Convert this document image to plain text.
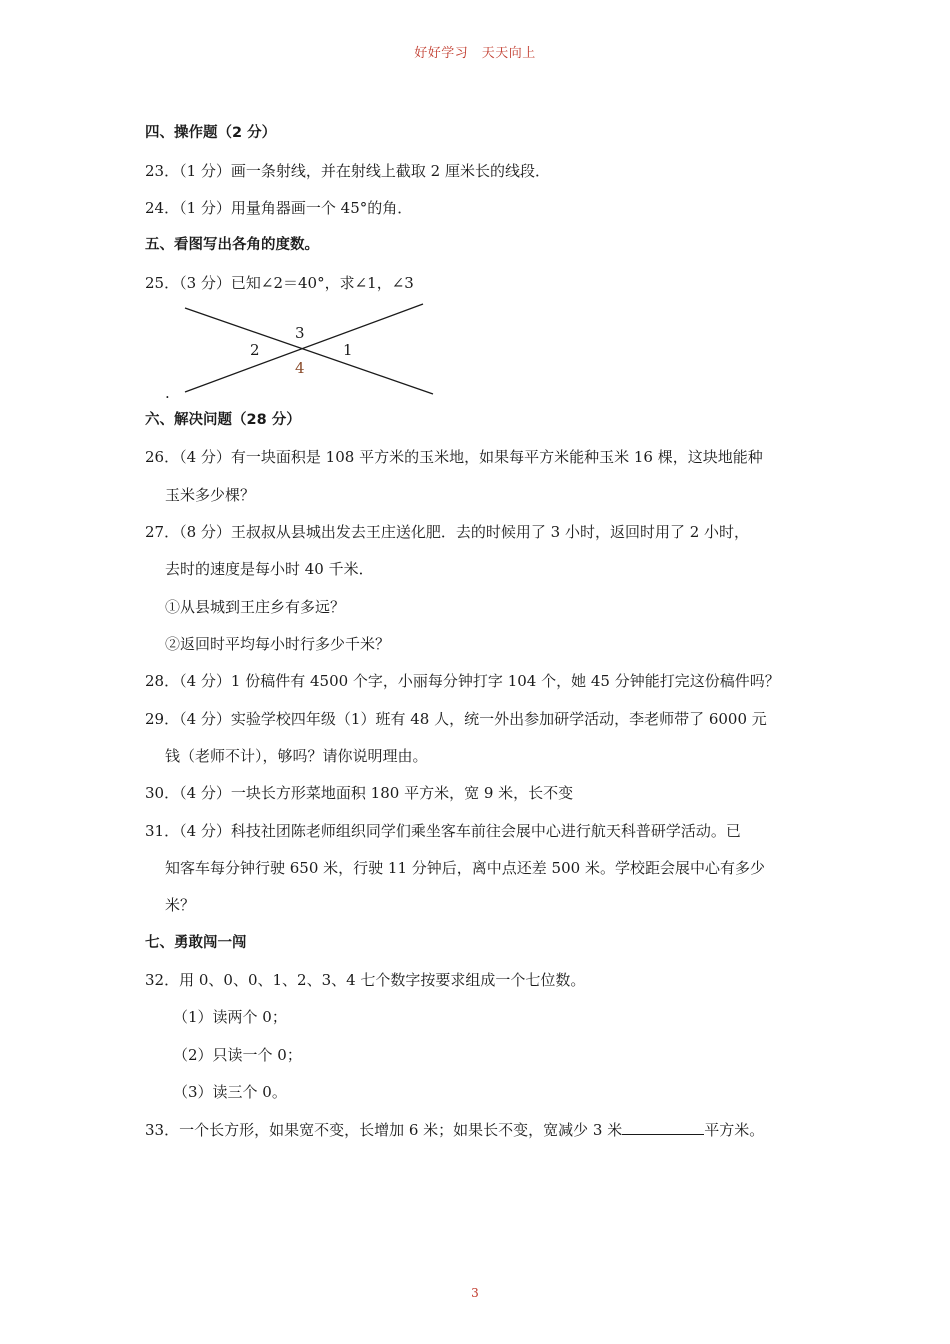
好好学习　天天向上
四、操作题（2 分）
23．（1 分）画一条射线，并在射线上截取 2 厘米长的线段．
24．（1 分）用量角器画一个 45°的角．
五、看图写出各角的度数。
25．（3 分）已知∠2＝40°，求∠1，∠3
3
2	1
4
.
六、解决问题（28 分）
26．（4 分）有一块面积是 108 平方米的玉米地，如果每平方米能种玉米 16 棵，这块地能种
玉米多少棵？
27．（8 分）王叔叔从县城出发去王庄送化肥．去的时候用了 3 小时，返回时用了 2 小时，
去时的速度是每小时 40 千米．
①从县城到王庄乡有多远？
②返回时平均每小时行多少千米？
28．（4 分）1 份稿件有 4500 个字，小丽每分钟打字 104 个，她 45 分钟能打完这份稿件吗？
29．（4 分）实验学校四年级（1）班有 48 人，统一外出参加研学活动，李老师带了 6000 元
钱（老师不计），够吗？请你说明理由。
30．（4 分）一块长方形菜地面积 180 平方米，宽 9 米，长不变
31．（4 分）科技社团陈老师组织同学们乘坐客车前往会展中心进行航天科普研学活动。已
知客车每分钟行驶 650 米，行驶 11 分钟后，离中点还差 500 米。学校距会展中心有多少
米？
七、勇敢闯一闯
32．用 0、0、0、1、2、3、4 七个数字按要求组成一个七位数。
（1）读两个 0；
（2）只读一个 0；
（3）读三个 0。
33．一个长方形，如果宽不变，长增加 6 米；如果长不变，宽减少 3 米	平方米。
3
